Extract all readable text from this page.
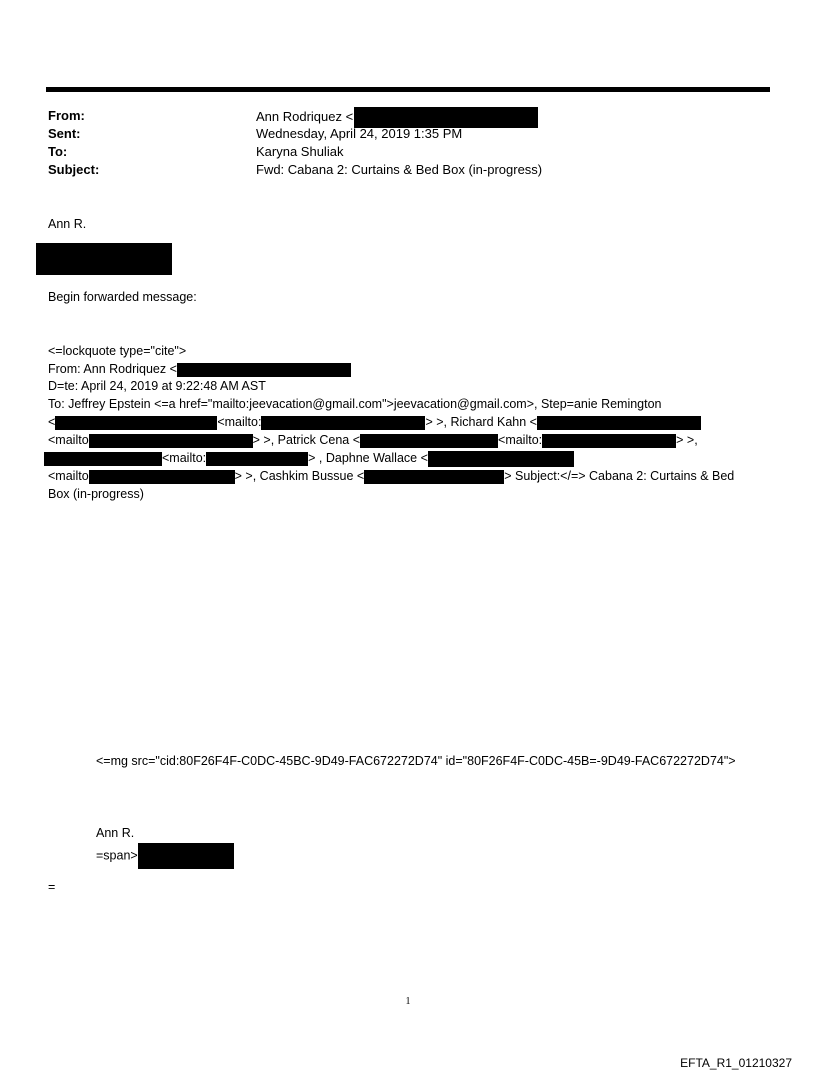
From:	Ann Rodriquez <
Sent:	Wednesday, April 24, 2019 1:35 PM
To:	Karyna Shuliak
Subject:	Fwd: Cabana 2: Curtains & Bed Box (in-progress)
Ann R.
Begin forwarded message:
<=lockquote type="cite">
From: Ann Rodriquez <
D=te: April 24, 2019 at 9:22:48 AM AST
To: Jeffrey Epstein <=a href="mailto:jeevacation@gmail.com">jeevacation@gmail.com>, Step=anie Remington
<	<mailto:	> >, Richard Kahn <
<mailto	> >, Patrick Cena <	<mailto:	> >,
<mailto:	> , Daphne Wallace <
<mailto	> >, Cashkim Bussue <	> Subject:</=> Cabana 2: Curtains & Bed
Box (in-progress)
<=mg src="cid:80F26F4F-C0DC-45BC-9D49-FAC672272D74" id="80F26F4F-C0DC-45B=-9D49-FAC672272D74">
Ann R.
=span>
=
1
EFTA_R1_01210327
